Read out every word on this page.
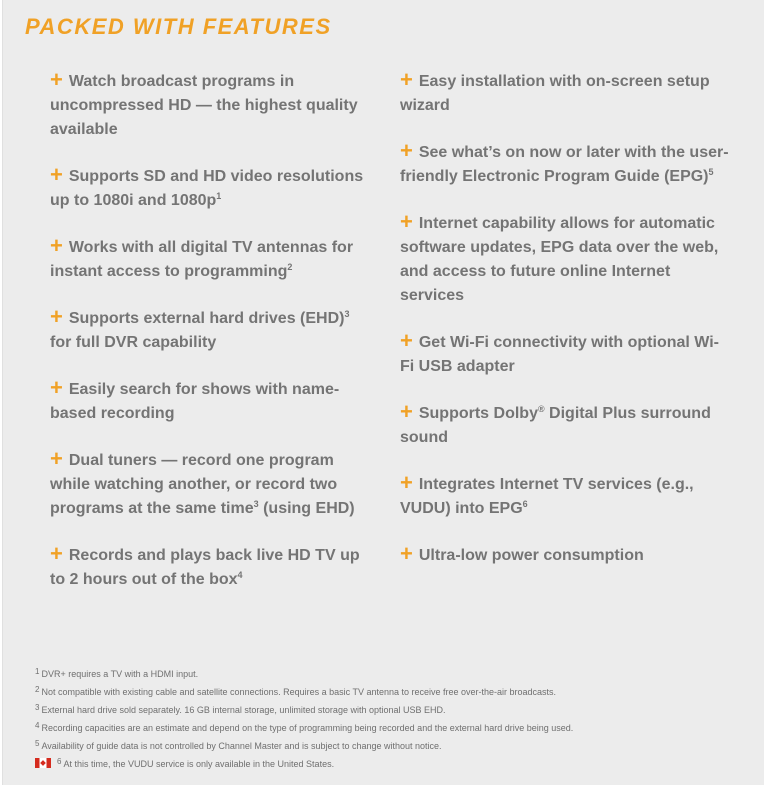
PACKED WITH FEATURES

+ Watch broadcast programs in uncompressed HD — the highest quality available

+ Supports SD and HD video resolutions up to 1080i and $1080p^1$

+ Works with all digital TV antennas for instant access to programming$^2$

+ Supports external hard drives (EHD)$^3$ for full DVR capability

+ Easily search for shows with name-based recording

+ Dual tuners — record one program while watching another, or record two programs at the same time$^3$ (using EHD)

+ Records and plays back live HD TV up to 2 hours out of the box$^4$

+ Easy installation with on-screen setup wizard

+ See what’s on now or later with the user-friendly Electronic Program Guide (EPG)$^5$

+ Internet capability allows for automatic software updates, EPG data over the web, and access to future online Internet services

+ Get Wi-Fi connectivity with optional Wi-Fi USB adapter

+ Supports Dolby® Digital Plus surround sound

+ Integrates Internet TV services (e.g., VUDU) into EPG$^6$

+ Ultra-low power consumption

1 DVR+ requires a TV with a HDMI input.

2 Not compatible with existing cable and satellite connections. Requires a basic TV antenna to receive free over-the-air broadcasts.

3 External hard drive sold separately. 16 GB internal storage, unlimited storage with optional USB EHD.

4 Recording capacities are an estimate and depend on the type of programming being recorded and the external hard drive being used.

5 Availability of guide data is not controlled by Channel Master and is subject to change without notice.

6 At this time, the VUDU service is only available in the United States.
